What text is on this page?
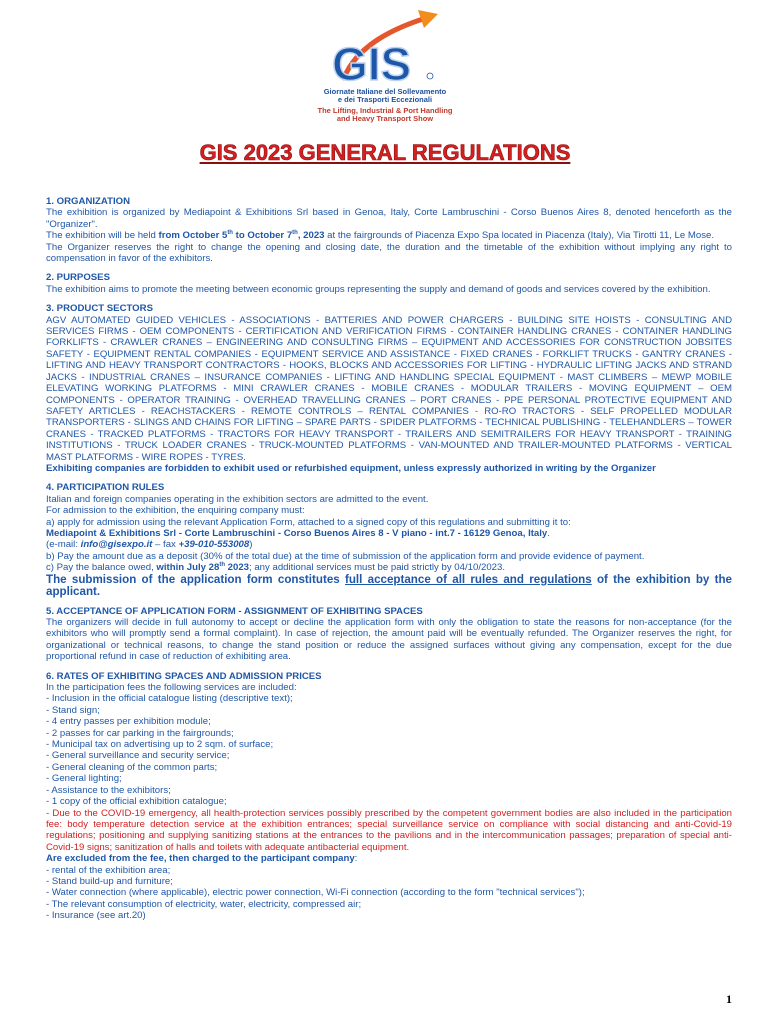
GIS
Giornate Italiane del Sollevamento
e dei Trasporti Eccezionali
The Lifting, Industrial & Port Handling
and Heavy Transport Show
GIS 2023 GENERAL REGULATIONS
1. ORGANIZATION
The exhibition is organized by Mediapoint & Exhibitions Srl based in Genoa, Italy, Corte Lambruschini - Corso Buenos Aires 8, denoted henceforth as the "Organizer".
The exhibition will be held from October 5th to October 7th, 2023 at the fairgrounds of Piacenza Expo Spa located in Piacenza (Italy), Via Tirotti 11, Le Mose.
The Organizer reserves the right to change the opening and closing date, the duration and the timetable of the exhibition without implying any right to compensation in favor of the exhibitors.
2. PURPOSES
The exhibition aims to promote the meeting between economic groups representing the supply and demand of goods and services covered by the exhibition.
3. PRODUCT SECTORS
AGV AUTOMATED GUIDED VEHICLES - ASSOCIATIONS - BATTERIES AND POWER CHARGERS - BUILDING SITE HOISTS - CONSULTING AND SERVICES FIRMS - OEM COMPONENTS - CERTIFICATION AND VERIFICATION FIRMS - CONTAINER HANDLING CRANES - CONTAINER HANDLING FORKLIFTS - CRAWLER CRANES – ENGINEERING AND CONSULTING FIRMS – EQUIPMENT AND ACCESSORIES FOR CONSTRUCTION JOBSITES SAFETY - EQUIPMENT RENTAL COMPANIES - EQUIPMENT SERVICE AND ASSISTANCE - FIXED CRANES - FORKLIFT TRUCKS - GANTRY CRANES - LIFTING AND HEAVY TRANSPORT CONTRACTORS - HOOKS, BLOCKS AND ACCESSORIES FOR LIFTING - HYDRAULIC LIFTING JACKS AND STRAND JACKS - INDUSTRIAL CRANES – INSURANCE COMPANIES - LIFTING AND HANDLING SPECIAL EQUIPMENT - MAST CLIMBERS – MEWP MOBILE ELEVATING WORKING PLATFORMS - MINI CRAWLER CRANES - MOBILE CRANES - MODULAR TRAILERS - MOVING EQUIPMENT – OEM COMPONENTS - OPERATOR TRAINING - OVERHEAD TRAVELLING CRANES – PORT CRANES - PPE PERSONAL PROTECTIVE EQUIPMENT AND SAFETY ARTICLES - REACHSTACKERS - REMOTE CONTROLS – RENTAL COMPANIES - RO-RO TRACTORS - SELF PROPELLED MODULAR TRANSPORTERS - SLINGS AND CHAINS FOR LIFTING – SPARE PARTS - SPIDER PLATFORMS - TECHNICAL PUBLISHING - TELEHANDLERS – TOWER CRANES - TRACKED PLATFORMS - TRACTORS FOR HEAVY TRANSPORT - TRAILERS AND SEMITRAILERS FOR HEAVY TRANSPORT - TRAINING INSTITUTIONS - TRUCK LOADER CRANES - TRUCK-MOUNTED PLATFORMS - VAN-MOUNTED AND TRAILER-MOUNTED PLATFORMS - VERTICAL MAST PLATFORMS - WIRE ROPES - TYRES.
Exhibiting companies are forbidden to exhibit used or refurbished equipment, unless expressly authorized in writing by the Organizer
4. PARTICIPATION RULES
Italian and foreign companies operating in the exhibition sectors are admitted to the event.
For admission to the exhibition, the enquiring company must:
a) apply for admission using the relevant Application Form, attached to a signed copy of this regulations and submitting it to:
Mediapoint & Exhibitions Srl - Corte Lambruschini - Corso Buenos Aires 8 - V piano - int.7 - 16129 Genoa, Italy.
(e-mail: info@gisexpo.it – fax +39-010-553008)
b) Pay the amount due as a deposit (30% of the total due) at the time of submission of the application form and provide evidence of payment.
c) Pay the balance owed, within July 28th 2023; any additional services must be paid strictly by 04/10/2023.
The submission of the application form constitutes full acceptance of all rules and regulations of the exhibition by the applicant.
5. ACCEPTANCE OF APPLICATION FORM - ASSIGNMENT OF EXHIBITING SPACES
The organizers will decide in full autonomy to accept or decline the application form with only the obligation to state the reasons for non-acceptance (for the exhibitors who will promptly send a formal complaint). In case of rejection, the amount paid will be eventually refunded. The Organizer reserves the right, for organizational or technical reasons, to change the stand position or reduce the assigned surfaces without giving any compensation, except for the due proportional refund in case of reduction of exhibiting area.
6. RATES OF EXHIBITING SPACES AND ADMISSION PRICES
In the participation fees the following services are included:
- Inclusion in the official catalogue listing (descriptive text);
- Stand sign;
- 4 entry passes per exhibition module;
- 2 passes for car parking in the fairgrounds;
- Municipal tax on advertising up to 2 sqm. of surface;
- General surveillance and security service;
- General cleaning of the common parts;
- General lighting;
- Assistance to the exhibitors;
- 1 copy of the official exhibition catalogue;
- Due to the COVID-19 emergency, all health-protection services possibly prescribed by the competent government bodies are also included in the participation fee: body temperature detection service at the exhibition entrances; special surveillance service on compliance with social distancing and anti-Covid-19 regulations; positioning and supplying sanitizing stations at the entrances to the pavilions and in the intercommunication passages; preparation of special anti-Covid-19 signs; sanitization of halls and toilets with adequate antibacterial equipment.
Are excluded from the fee, then charged to the participant company:
- rental of the exhibition area;
- Stand build-up and furniture;
- Water connection (where applicable), electric power connection, Wi-Fi connection (according to the form "technical services");
- The relevant consumption of electricity, water, electricity, compressed air;
- Insurance (see art.20)
1
